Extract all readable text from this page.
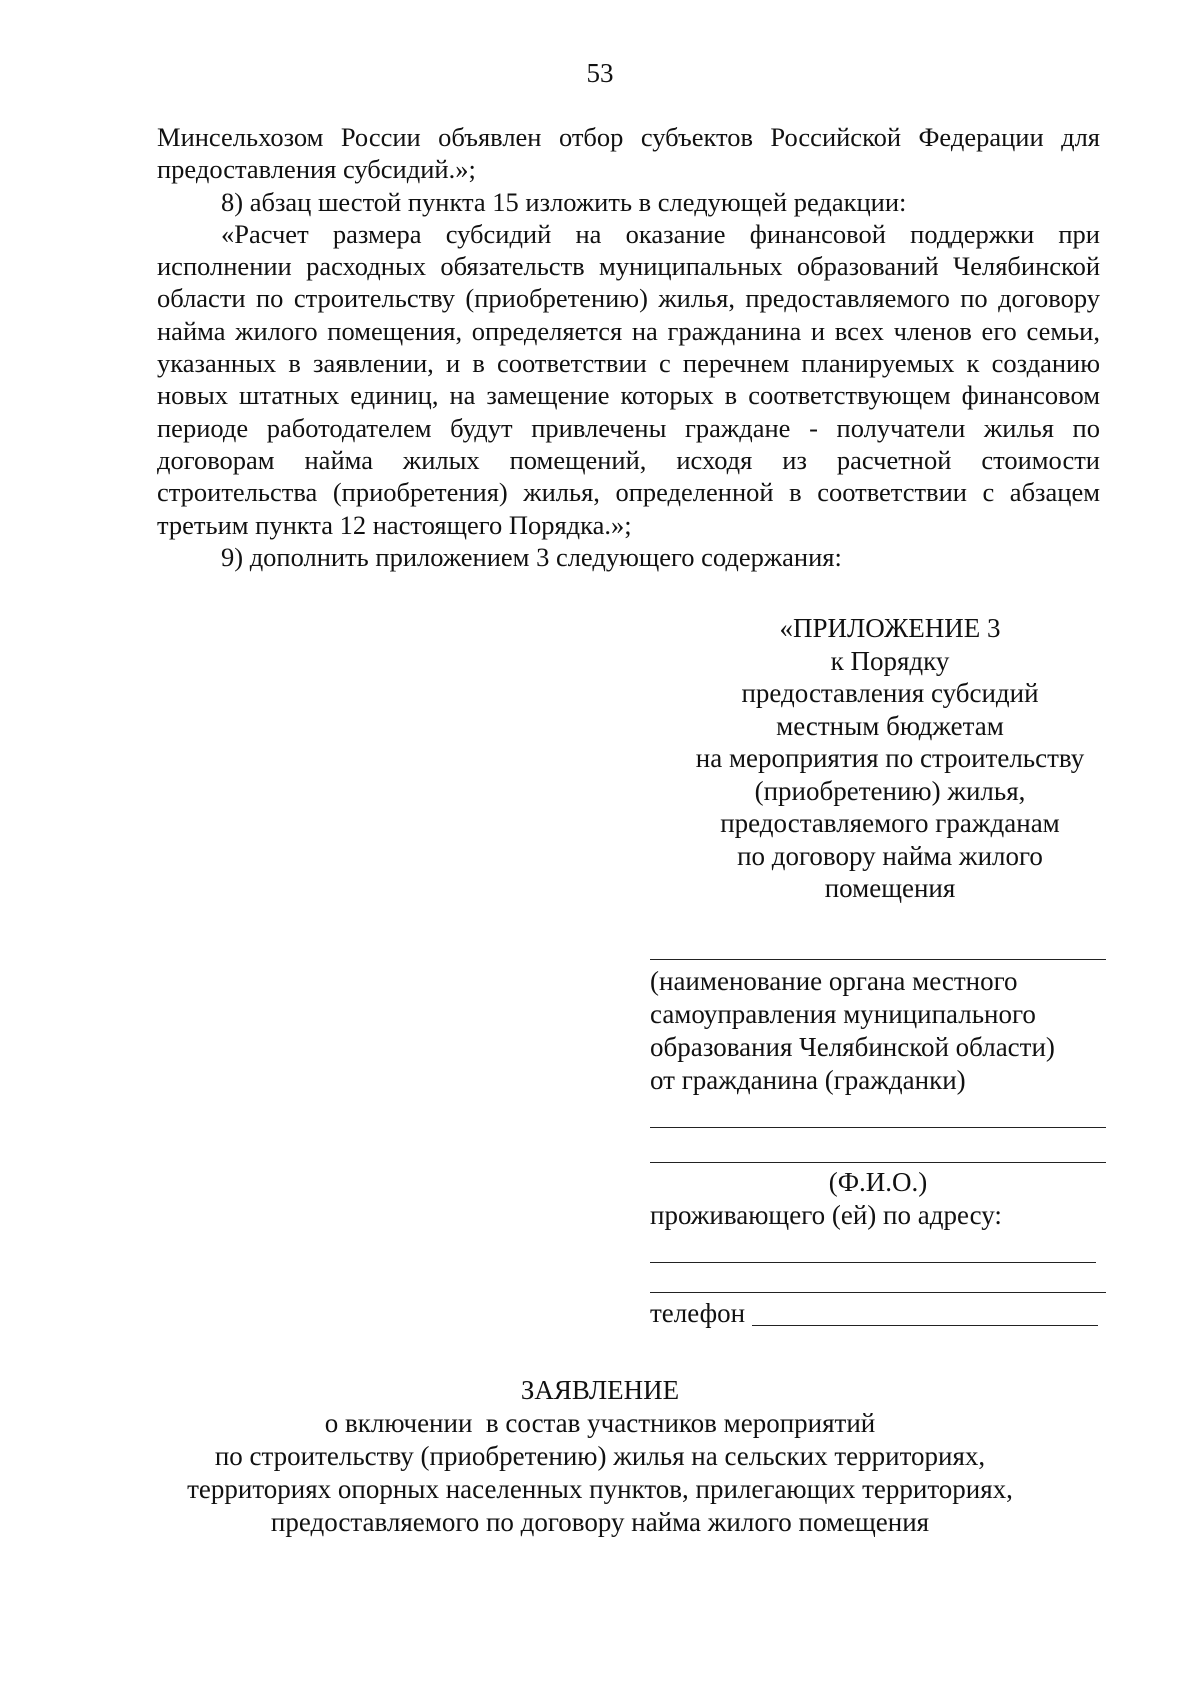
53

Минсельхозом России объявлен отбор субъектов Российской Федерации для предоставления субсидий.»;

8) абзац шестой пункта 15 изложить в следующей редакции:

«Расчет размера субсидий на оказание финансовой поддержки при исполнении расходных обязательств муниципальных образований Челябинской области по строительству (приобретению) жилья, предоставляемого по договору найма жилого помещения, определяется на гражданина и всех членов его семьи, указанных в заявлении, и в соответствии с перечнем планируемых к созданию новых штатных единиц, на замещение которых в соответствующем финансовом периоде работодателем будут привлечены граждане - получатели жилья по договорам найма жилых помещений, исходя из расчетной стоимости строительства (приобретения) жилья, определенной в соответствии с абзацем третьим пункта 12 настоящего Порядка.»;

9) дополнить приложением 3 следующего содержания:

«ПРИЛОЖЕНИЕ 3
к Порядку
предоставления субсидий
местным бюджетам
на мероприятия по строительству
(приобретению) жилья,
предоставляемого гражданам
по договору найма жилого
помещения
(наименование органа местного
самоуправления муниципального
образования Челябинской области)
от гражданина (гражданки)
(Ф.И.О.)
проживающего (ей) по адресу:
телефон
ЗАЯВЛЕНИЕ
о включении  в состав участников мероприятий
по строительству (приобретению) жилья на сельских территориях,
территориях опорных населенных пунктов, прилегающих территориях,
предоставляемого по договору найма жилого помещения
